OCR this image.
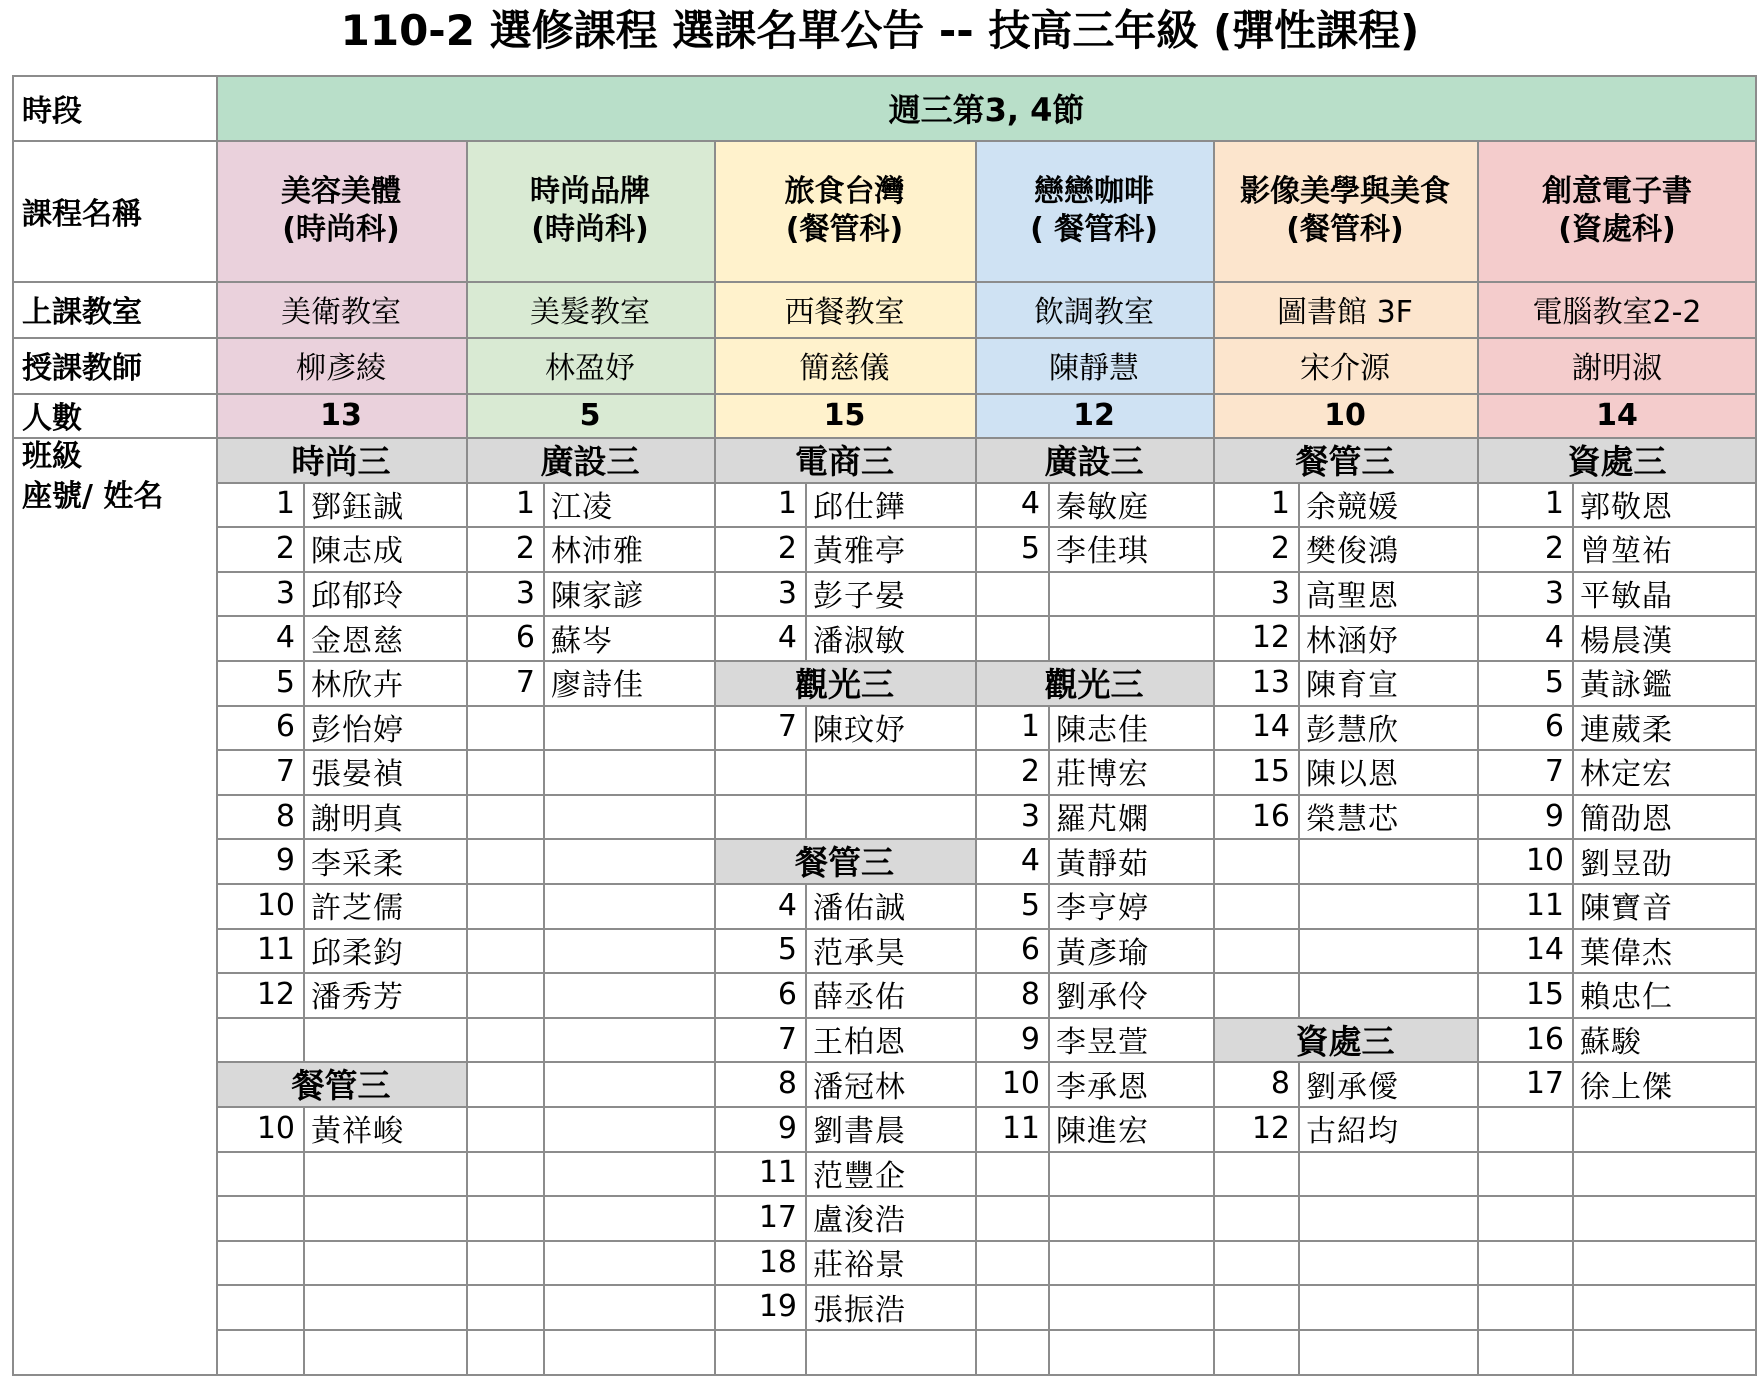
110-2 選修課程 選課名單公告 -- 技高三年級 (彈性課程)
時段
課程名稱
上課教室
授課教師
人數
班級
座號/ 姓名
週三第3, 4節
美容美體
(時尚科)
美衛教室
柳彥綾
13
時尚三
1 鄧鈺誠
2 陳志成
3 邱郁玲
4 金恩慈
5 林欣卉
6 彭怡婷
7 張晏禎
8 謝明真
9 李采柔
10 許芝儒
11 邱柔鈞
12 潘秀芳
餐管三
10 黃祥峻
時尚品牌
(時尚科)
美髮教室
林盈妤
5
廣設三
1 江凌
2 林沛雅
3 陳家諺
6 蘇岑
7 廖詩佳
旅食台灣
(餐管科)
西餐教室
簡慈儀
15
電商三
1 邱仕鏵
2 黃雅亭
3 彭子晏
4 潘淑敏
觀光三
7 陳玟妤
餐管三
4 潘佑誠
5 范承昊
6 薛丞佑
7 王柏恩
8 潘冠林
9 劉書晨
11 范豐企
17 盧浚浩
18 莊裕景
19 張振浩
戀戀咖啡
( 餐管科)
飲調教室
陳靜慧
12
廣設三
4 秦敏庭
5 李佳琪
觀光三
1 陳志佳
2 莊博宏
3 羅芃嫻
4 黃靜茹
5 李亨婷
6 黃彥瑜
8 劉承伶
9 李昱萱
10 李承恩
11 陳進宏
影像美學與美食
(餐管科)
圖書館 3F
宋介源
10
餐管三
1 余競媛
2 樊俊鴻
3 高聖恩
12 林涵妤
13 陳育宣
14 彭慧欣
15 陳以恩
16 榮慧芯
資處三
8 劉承僾
12 古紹均
創意電子書
(資處科)
電腦教室2-2
謝明淑
14
資處三
1 郭敬恩
2 曾堃祐
3 平敏晶
4 楊晨漢
5 黃詠鑑
6 連葳柔
7 林定宏
9 簡劭恩
10 劉昱劭
11 陳寶音
14 葉偉杰
15 賴忠仁
16 蘇駿
17 徐上傑
